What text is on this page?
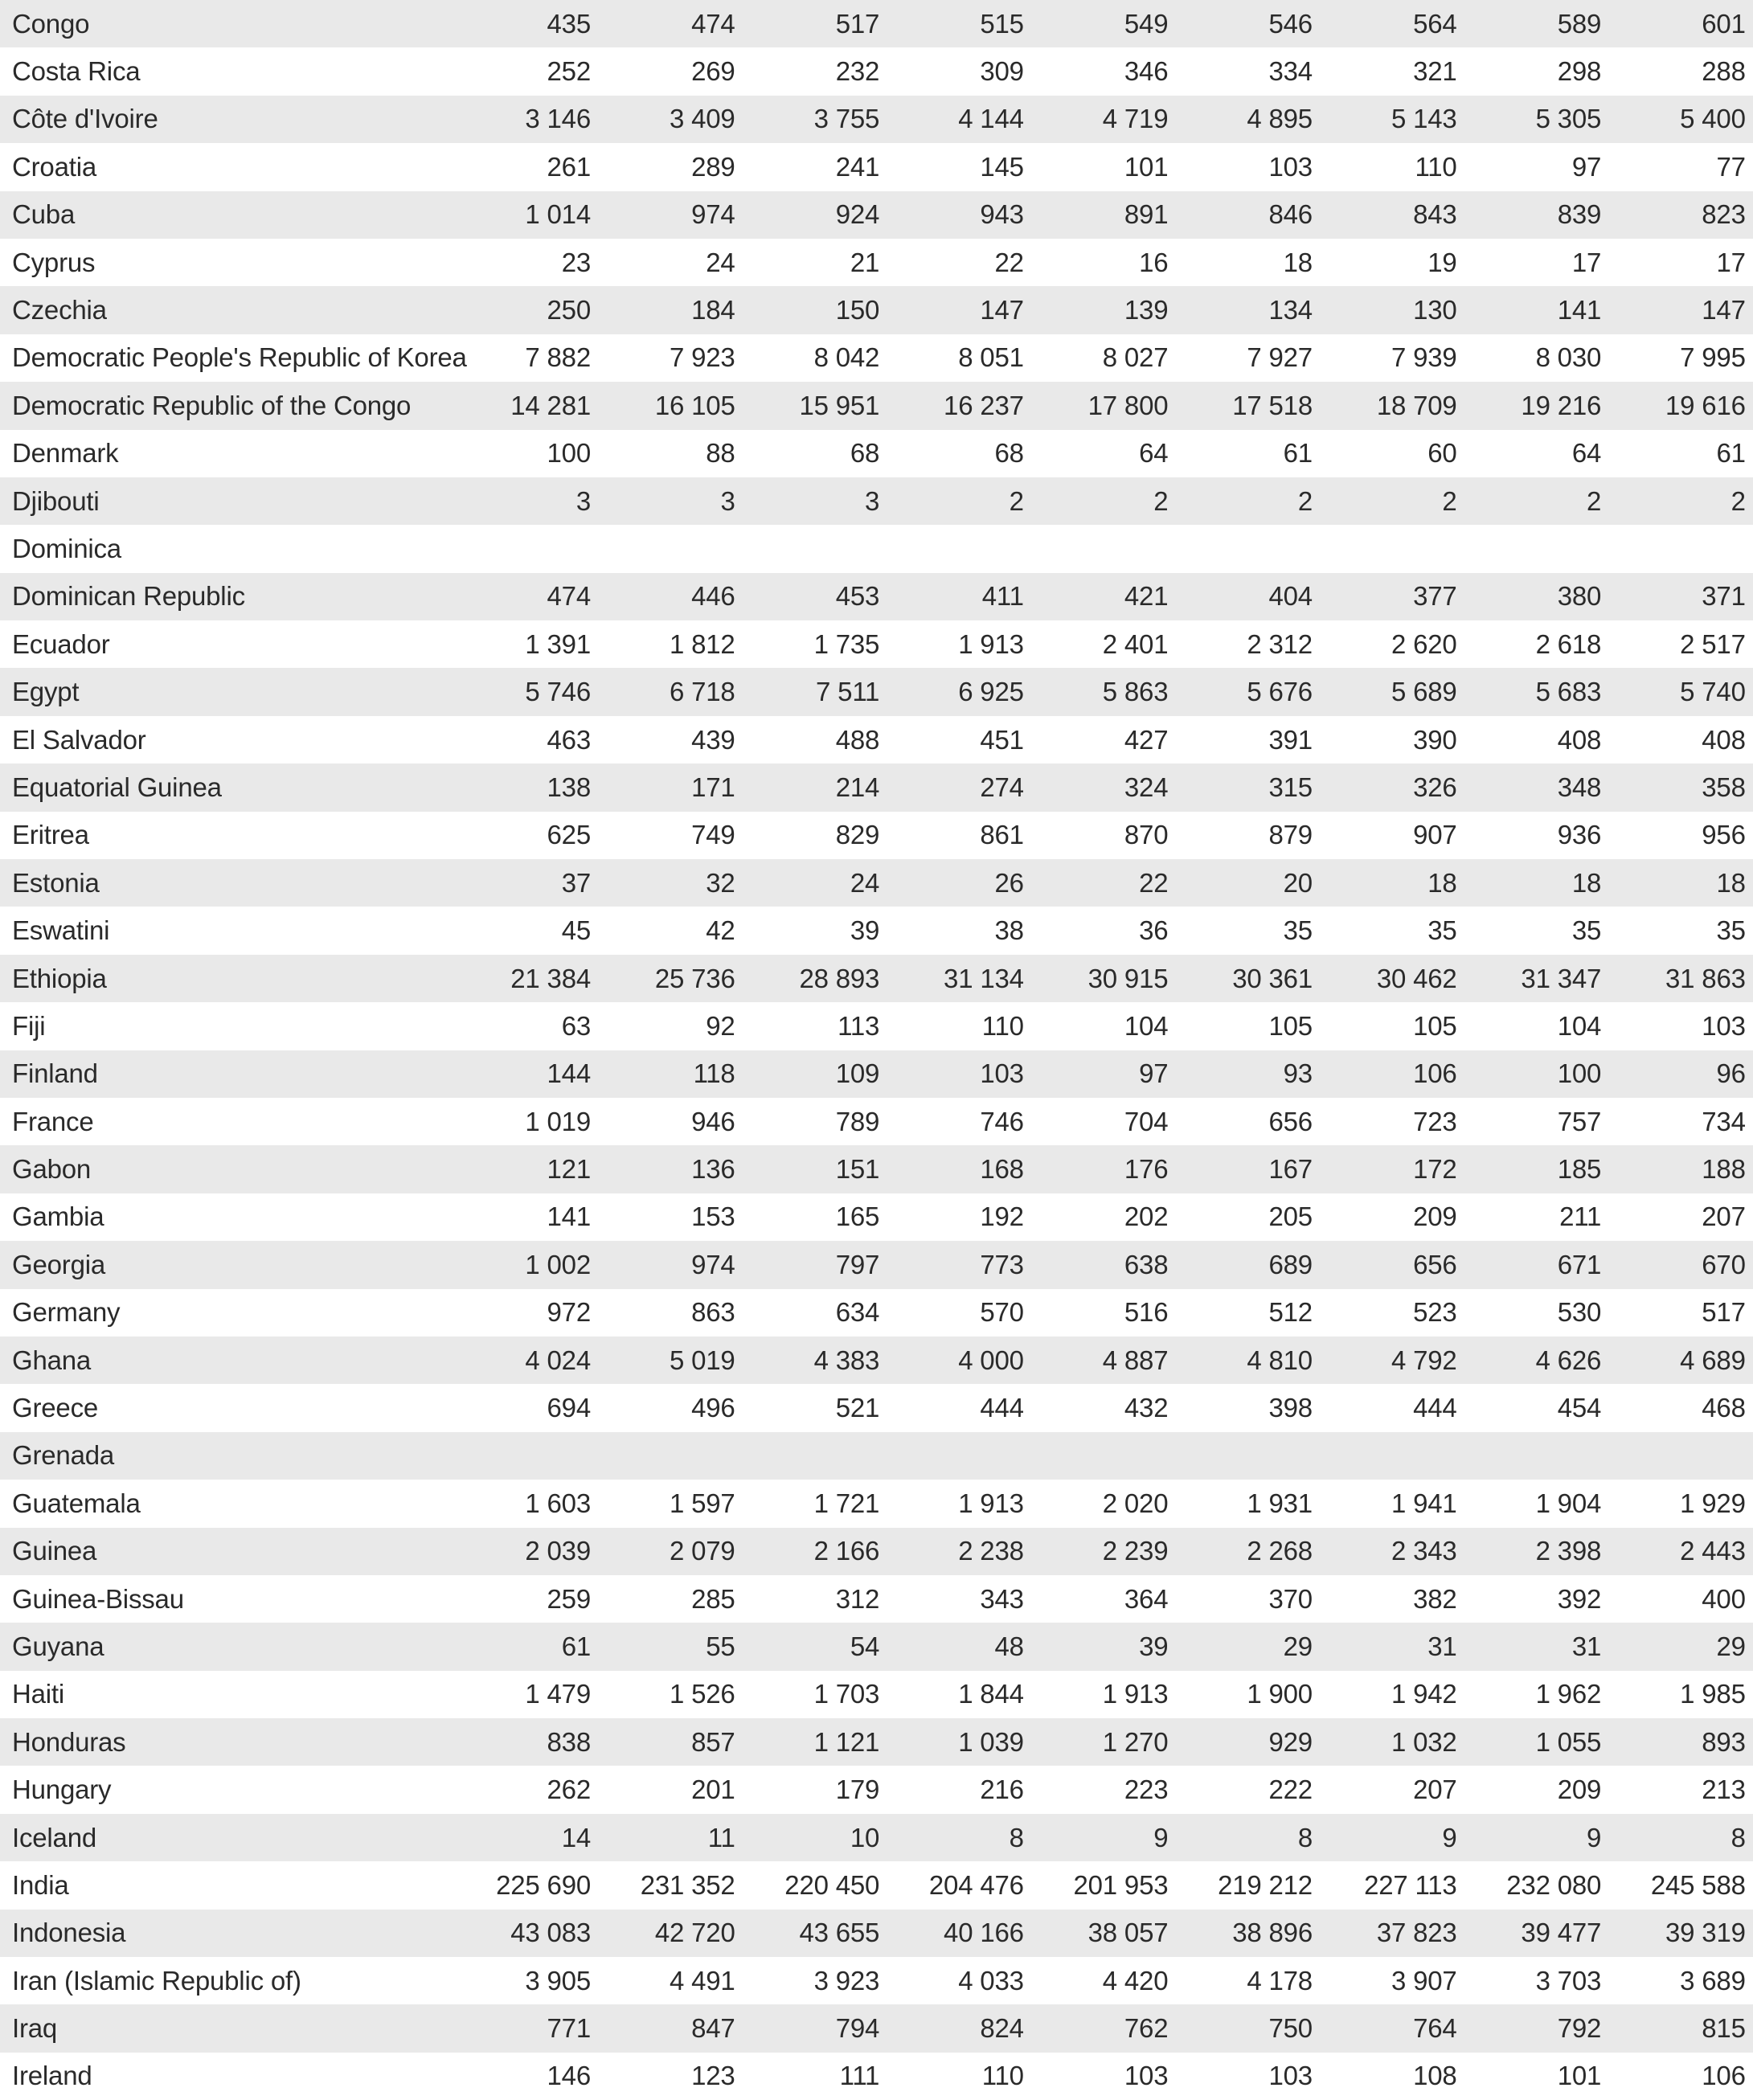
Congo	435	474	517	515	549	546	564	589	601
Costa Rica	252	269	232	309	346	334	321	298	288
Côte d'Ivoire	3 146	3 409	3 755	4 144	4 719	4 895	5 143	5 305	5 400
Croatia	261	289	241	145	101	103	110	97	77
Cuba	1 014	974	924	943	891	846	843	839	823
Cyprus	23	24	21	22	16	18	19	17	17
Czechia	250	184	150	147	139	134	130	141	147
Democratic People's Republic of Korea	7 882	7 923	8 042	8 051	8 027	7 927	7 939	8 030	7 995
Democratic Republic of the Congo	14 281	16 105	15 951	16 237	17 800	17 518	18 709	19 216	19 616
Denmark	100	88	68	68	64	61	60	64	61
Djibouti	3	3	3	2	2	2	2	2	2
Dominica
Dominican Republic	474	446	453	411	421	404	377	380	371
Ecuador	1 391	1 812	1 735	1 913	2 401	2 312	2 620	2 618	2 517
Egypt	5 746	6 718	7 511	6 925	5 863	5 676	5 689	5 683	5 740
El Salvador	463	439	488	451	427	391	390	408	408
Equatorial Guinea	138	171	214	274	324	315	326	348	358
Eritrea	625	749	829	861	870	879	907	936	956
Estonia	37	32	24	26	22	20	18	18	18
Eswatini	45	42	39	38	36	35	35	35	35
Ethiopia	21 384	25 736	28 893	31 134	30 915	30 361	30 462	31 347	31 863
Fiji	63	92	113	110	104	105	105	104	103
Finland	144	118	109	103	97	93	106	100	96
France	1 019	946	789	746	704	656	723	757	734
Gabon	121	136	151	168	176	167	172	185	188
Gambia	141	153	165	192	202	205	209	211	207
Georgia	1 002	974	797	773	638	689	656	671	670
Germany	972	863	634	570	516	512	523	530	517
Ghana	4 024	5 019	4 383	4 000	4 887	4 810	4 792	4 626	4 689
Greece	694	496	521	444	432	398	444	454	468
Grenada
Guatemala	1 603	1 597	1 721	1 913	2 020	1 931	1 941	1 904	1 929
Guinea	2 039	2 079	2 166	2 238	2 239	2 268	2 343	2 398	2 443
Guinea-Bissau	259	285	312	343	364	370	382	392	400
Guyana	61	55	54	48	39	29	31	31	29
Haiti	1 479	1 526	1 703	1 844	1 913	1 900	1 942	1 962	1 985
Honduras	838	857	1 121	1 039	1 270	929	1 032	1 055	893
Hungary	262	201	179	216	223	222	207	209	213
Iceland	14	11	10	8	9	8	9	9	8
India	225 690	231 352	220 450	204 476	201 953	219 212	227 113	232 080	245 588
Indonesia	43 083	42 720	43 655	40 166	38 057	38 896	37 823	39 477	39 319
Iran (Islamic Republic of)	3 905	4 491	3 923	4 033	4 420	4 178	3 907	3 703	3 689
Iraq	771	847	794	824	762	750	764	792	815
Ireland	146	123	111	110	103	103	108	101	106
